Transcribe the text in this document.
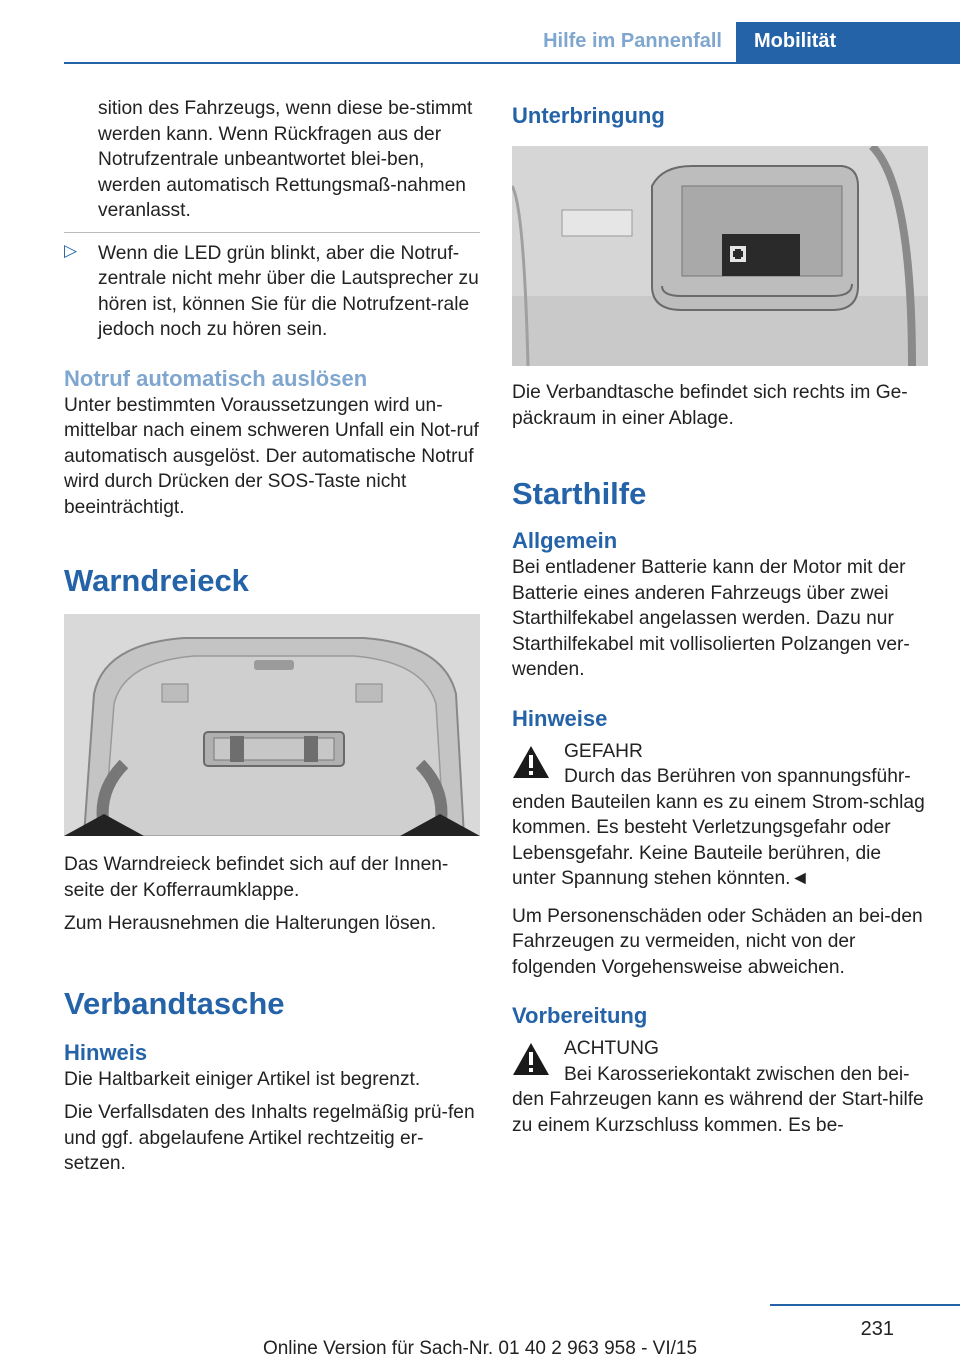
Hilfe im Pannenfall	Mobilität

sition des Fahrzeugs, wenn diese be-stimmt werden kann. Wenn Rückfragen aus der Notrufzentrale unbeantwortet blei-ben, werden automatisch Rettungsmaß-nahmen veranlasst.

▷ Wenn die LED grün blinkt, aber die Notruf-zentrale nicht mehr über die Lautsprecher zu hören ist, können Sie für die Notrufzent-rale jedoch noch zu hören sein.

Notruf automatisch auslösen

Unter bestimmten Voraussetzungen wird un-mittelbar nach einem schweren Unfall ein Not-ruf automatisch ausgelöst. Der automatische Notruf wird durch Drücken der SOS-Taste nicht beeinträchtigt.

Warndreieck

Das Warndreieck befindet sich auf der Innen-seite der Kofferraumklappe.

Zum Herausnehmen die Halterungen lösen.

Verbandtasche
Hinweis

Die Haltbarkeit einiger Artikel ist begrenzt.

Die Verfallsdaten des Inhalts regelmäßig prü-fen und ggf. abgelaufene Artikel rechtzeitig er-setzen.

Unterbringung

Die Verbandtasche befindet sich rechts im Ge-päckraum in einer Ablage.

Starthilfe
Allgemein

Bei entladener Batterie kann der Motor mit der Batterie eines anderen Fahrzeugs über zwei Starthilfekabel angelassen werden. Dazu nur Starthilfekabel mit vollisolierten Polzangen ver-wenden.

Hinweise

GEFAHR

Durch das Berühren von spannungsführ-

enden Bauteilen kann es zu einem Strom-schlag kommen. Es besteht Verletzungsgefahr oder Lebensgefahr. Keine Bauteile berühren, die unter Spannung stehen könnten.◄

Um Personenschäden oder Schäden an bei-den Fahrzeugen zu vermeiden, nicht von der folgenden Vorgehensweise abweichen.

Vorbereitung

ACHTUNG

Bei Karosseriekontakt zwischen den bei-

den Fahrzeugen kann es während der Start-hilfe zu einem Kurzschluss kommen. Es be-

231
Online Version für Sach-Nr. 01 40 2 963 958 - VI/15
